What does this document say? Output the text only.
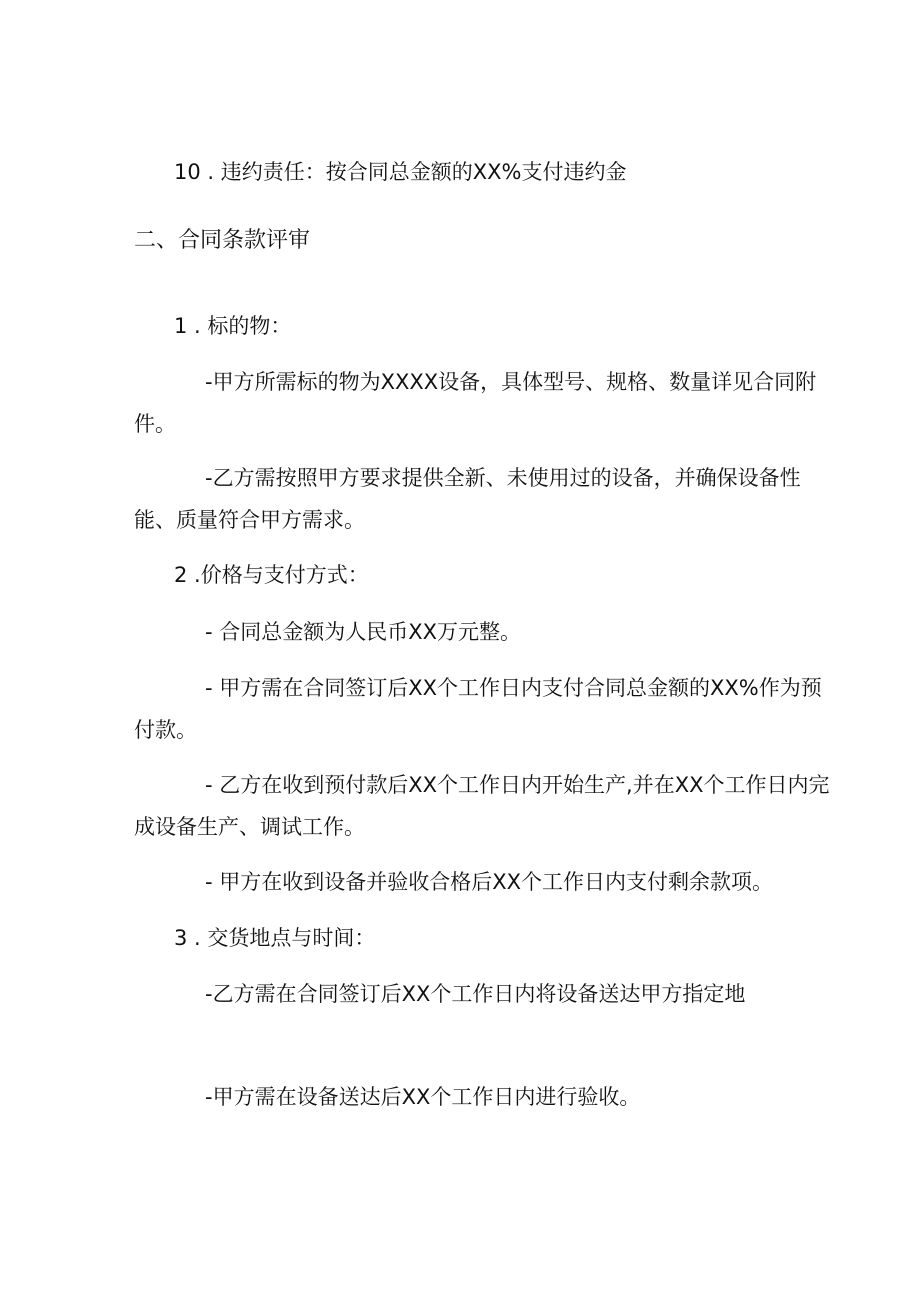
10 . 违约责任：按合同总金额的XX%支付违约金
二、合同条款评审
1 . 标的物：
-甲方所需标的物为XXXX设备，具体型号、规格、数量详见合同附
件。
-乙方需按照甲方要求提供全新、未使用过的设备，并确保设备性
能、质量符合甲方需求。
2 .价格与支付方式：
- 合同总金额为人民币XX万元整。
- 甲方需在合同签订后XX个工作日内支付合同总金额的XX%作为预
付款。
- 乙方在收到预付款后XX个工作日内开始生产,并在XX个工作日内完
成设备生产、调试工作。
- 甲方在收到设备并验收合格后XX个工作日内支付剩余款项。
3 . 交货地点与时间：
-乙方需在合同签订后XX个工作日内将设备送达甲方指定地
-甲方需在设备送达后XX个工作日内进行验收。
